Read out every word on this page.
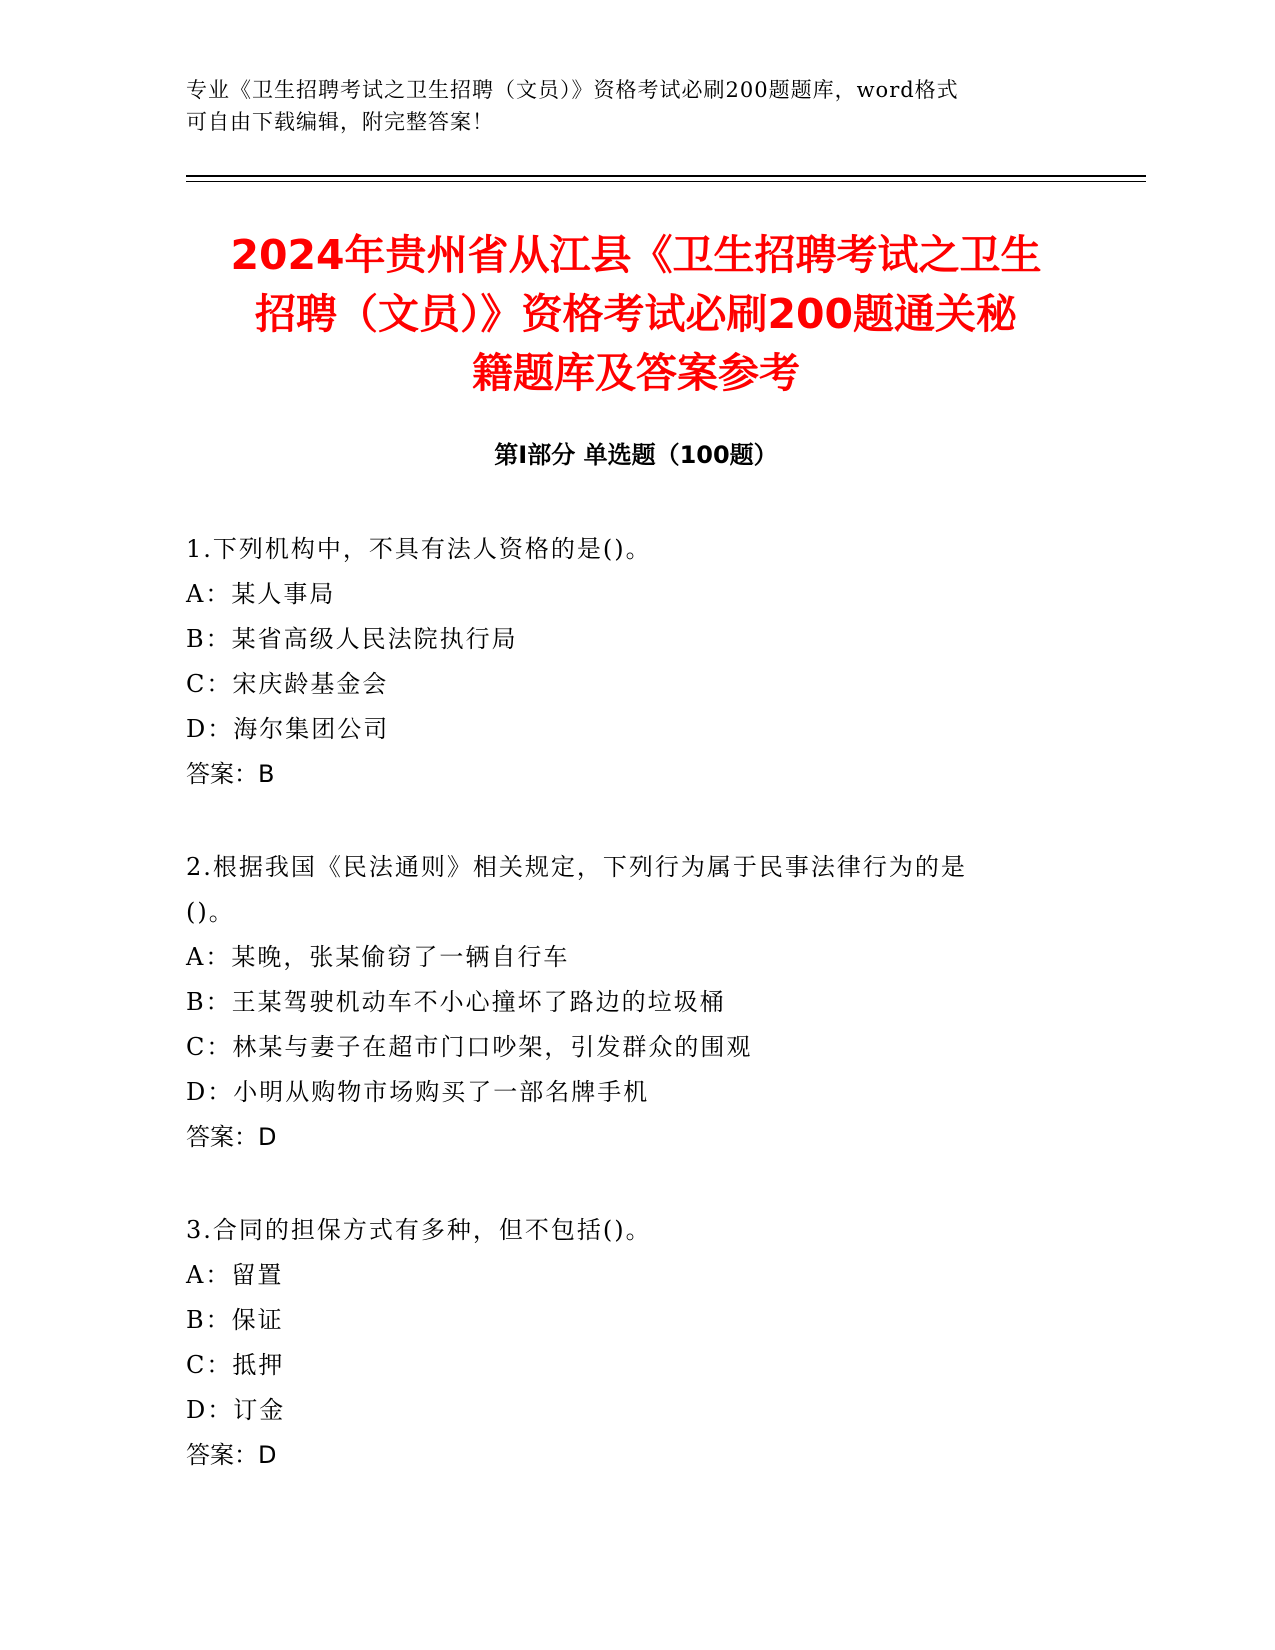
专业《卫生招聘考试之卫生招聘（文员）》资格考试必刷200题题库，word格式
可自由下载编辑，附完整答案！
2024年贵州省从江县《卫生招聘考试之卫生
招聘（文员）》资格考试必刷200题通关秘
籍题库及答案参考
第Ⅰ部分 单选题（100题）
1.下列机构中，不具有法人资格的是()。
A：某人事局
B：某省高级人民法院执行局
C：宋庆龄基金会
D：海尔集团公司
答案：B
2.根据我国《民法通则》相关规定，下列行为属于民事法律行为的是
()。
A：某晚，张某偷窃了一辆自行车
B：王某驾驶机动车不小心撞坏了路边的垃圾桶
C：林某与妻子在超市门口吵架，引发群众的围观
D：小明从购物市场购买了一部名牌手机
答案：D
3.合同的担保方式有多种，但不包括()。
A：留置
B：保证
C：抵押
D：订金
答案：D
